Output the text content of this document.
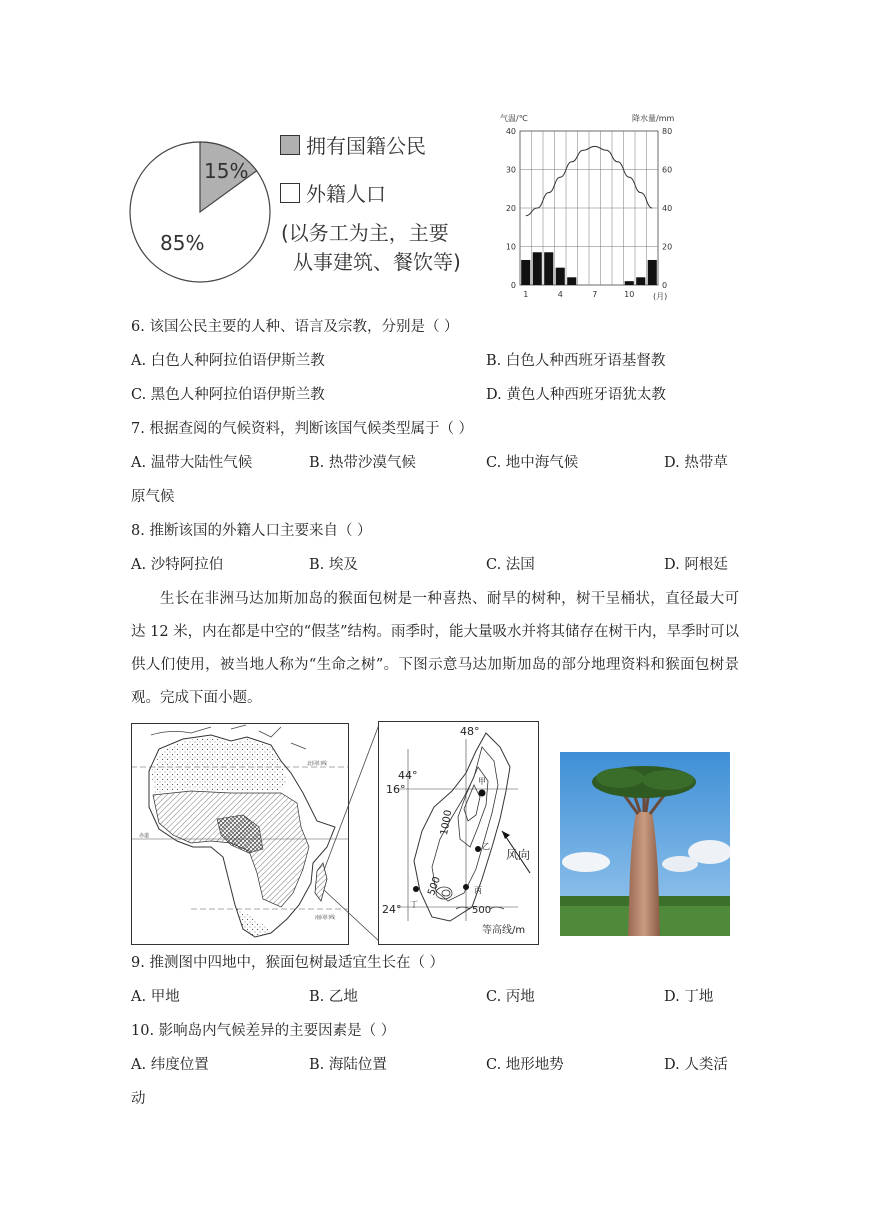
15%
85%
拥有国籍公民
外籍人口
(以务工为主，主要
从事建筑、餐饮等)
气温/℃	降水量/mm
0
10
20
30
40
0
20
40
60
80
1	4	7	10 (月)
6. 该国公民主要的人种、语言及宗教，分别是（ ）
A. 白色人种阿拉伯语伊斯兰教	B. 白色人种西班牙语基督教
C. 黑色人种阿拉伯语伊斯兰教	D. 黄色人种西班牙语犹太教
7. 根据查阅的气候资料，判断该国气候类型属于（ ）
A. 温带大陆性气候	B. 热带沙漠气候	C. 地中海气候	D. 热带草
原气候
8. 推断该国的外籍人口主要来自（ ）
A. 沙特阿拉伯	B. 埃及	C. 法国	D. 阿根廷
生长在非洲马达加斯加岛的猴面包树是一种喜热、耐旱的树种，树干呈桶状，直径最大可达 12 米，内在都是中空的“假茎”结构。雨季时，能大量吸水并将其储存在树干内，旱季时可以供人们使用，被当地人称为“生命之树”。下图示意马达加斯加岛的部分地理资料和猴面包树景观。完成下面小题。
北回归线
赤道
南回归线
48°
44°
16°
24°
1000
500
500
甲
乙
丙
丁
风向
等高线/m
9. 推测图中四地中，猴面包树最适宜生长在（ ）
A. 甲地	B. 乙地	C. 丙地	D. 丁地
10. 影响岛内气候差异的主要因素是（ ）
A. 纬度位置	B. 海陆位置	C. 地形地势	D. 人类活
动
